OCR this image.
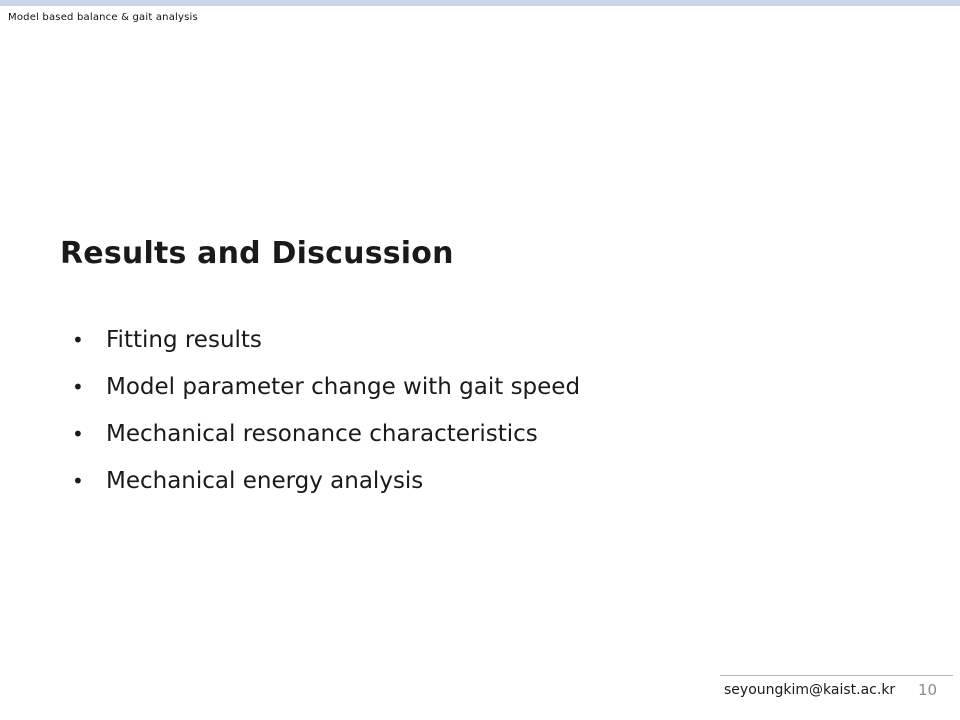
Model based balance & gait analysis
Results and Discussion
• Fitting results
• Model parameter change with gait speed
• Mechanical resonance characteristics
• Mechanical energy analysis
seyoungkim@kaist.ac.kr 10
